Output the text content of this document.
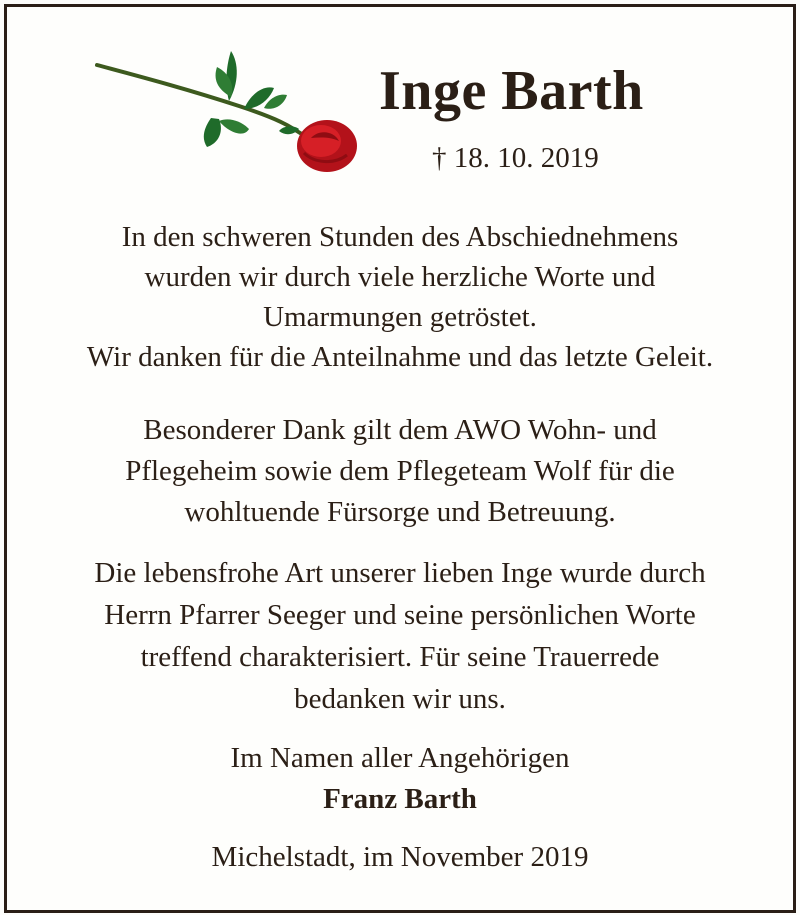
Inge Barth
† 18. 10. 2019
In den schweren Stunden des Abschiednehmens
wurden wir durch viele herzliche Worte und
Umarmungen getröstet.
Wir danken für die Anteilnahme und das letzte Geleit.
Besonderer Dank gilt dem AWO Wohn- und
Pflegeheim sowie dem Pflegeteam Wolf für die
wohltuende Fürsorge und Betreuung.
Die lebensfrohe Art unserer lieben Inge wurde durch
Herrn Pfarrer Seeger und seine persönlichen Worte
treffend charakterisiert. Für seine Trauerrede
bedanken wir uns.
Im Namen aller Angehörigen
Franz Barth
Michelstadt, im November 2019
